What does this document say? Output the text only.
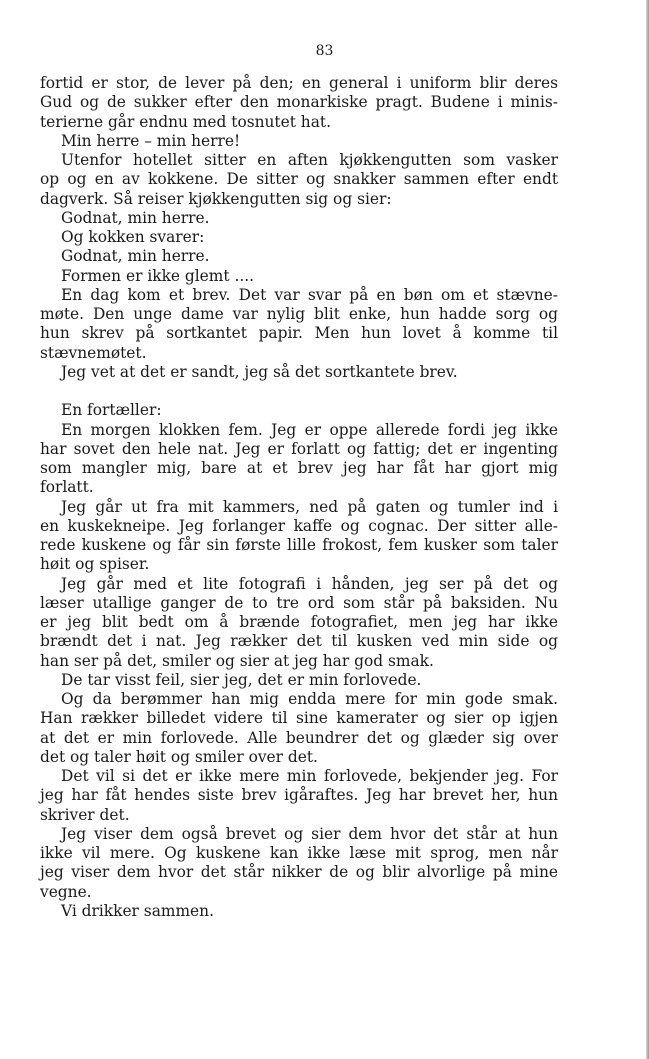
83
fortid er stor, de lever på den; en general i uniform blir deres
Gud og de sukker efter den monarkiske pragt. Budene i minis-
terierne går endnu med tosnutet hat.
Min herre – min herre!
Utenfor hotellet sitter en aften kjøkkengutten som vasker
op og en av kokkene. De sitter og snakker sammen efter endt
dagverk. Så reiser kjøkkengutten sig og sier:
Godnat, min herre.
Og kokken svarer:
Godnat, min herre.
Formen er ikke glemt ....
En dag kom et brev. Det var svar på en bøn om et stævne-
møte. Den unge dame var nylig blit enke, hun hadde sorg og
hun skrev på sortkantet papir. Men hun lovet å komme til
stævnemøtet.
Jeg vet at det er sandt, jeg så det sortkantete brev.
En fortæller:
En morgen klokken fem. Jeg er oppe allerede fordi jeg ikke
har sovet den hele nat. Jeg er forlatt og fattig; det er ingenting
som mangler mig, bare at et brev jeg har fåt har gjort mig
forlatt.
Jeg går ut fra mit kammers, ned på gaten og tumler ind i
en kuskekneipe. Jeg forlanger kaffe og cognac. Der sitter alle-
rede kuskene og får sin første lille frokost, fem kusker som taler
høit og spiser.
Jeg går med et lite fotografi i hånden, jeg ser på det og
læser utallige ganger de to tre ord som står på baksiden. Nu
er jeg blit bedt om å brænde fotografiet, men jeg har ikke
brændt det i nat. Jeg rækker det til kusken ved min side og
han ser på det, smiler og sier at jeg har god smak.
De tar visst feil, sier jeg, det er min forlovede.
Og da berømmer han mig endda mere for min gode smak.
Han rækker billedet videre til sine kamerater og sier op igjen
at det er min forlovede. Alle beundrer det og glæder sig over
det og taler høit og smiler over det.
Det vil si det er ikke mere min forlovede, bekjender jeg. For
jeg har fåt hendes siste brev igåraftes. Jeg har brevet her, hun
skriver det.
Jeg viser dem også brevet og sier dem hvor det står at hun
ikke vil mere. Og kuskene kan ikke læse mit sprog, men når
jeg viser dem hvor det står nikker de og blir alvorlige på mine
vegne.
Vi drikker sammen.
